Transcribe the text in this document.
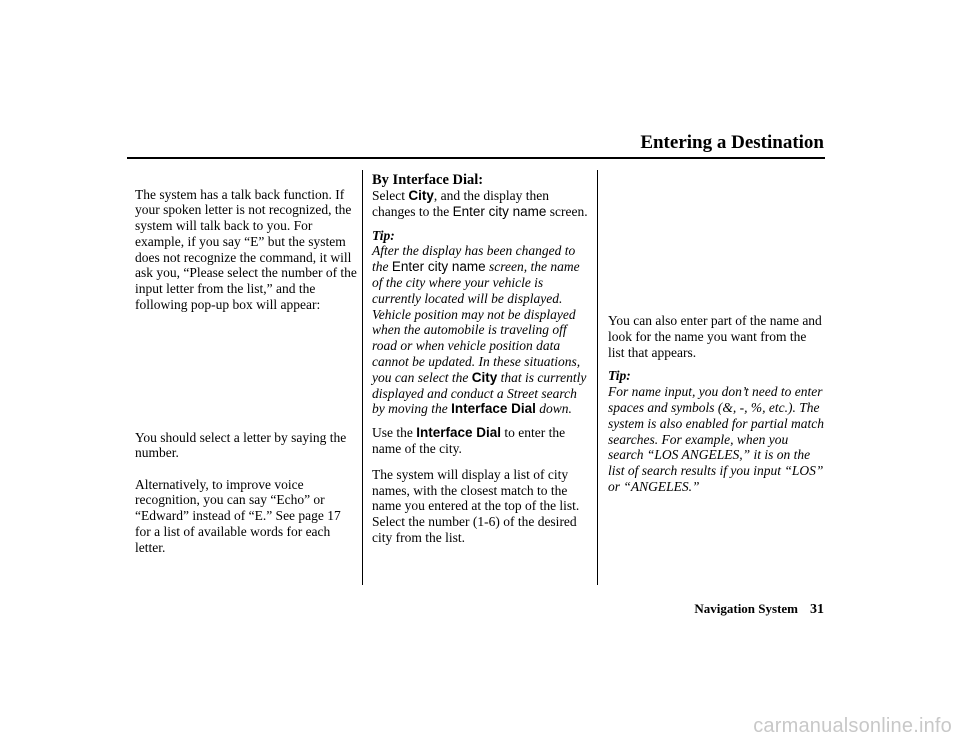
Entering a Destination

The system has a talk back function. If your spoken letter is not recognized, the system will talk back to you. For example, if you say “E” but the system does not recognize the command, it will ask you, “Please select the number of the input letter from the list,” and the following pop-up box will appear:

You should select a letter by saying the number.

Alternatively, to improve voice recognition, you can say “Echo” or “Edward” instead of “E.” See page 17 for a list of available words for each letter.

By Interface Dial:

Select City, and the display then changes to the Enter city name screen.

Tip:

After the display has been changed to the Enter city name screen, the name of the city where your vehicle is currently located will be displayed. Vehicle position may not be displayed when the automobile is traveling off road or when vehicle position data cannot be updated. In these situations, you can select the City that is currently displayed and conduct a Street search by moving the Interface Dial down.

Use the Interface Dial to enter the name of the city.

The system will display a list of city names, with the closest match to the name you entered at the top of the list. Select the number (1-6) of the desired city from the list.

You can also enter part of the name and look for the name you want from the list that appears.

Tip:

For name input, you don’t need to enter spaces and symbols (&, -, %, etc.). The system is also enabled for partial match searches. For example, when you search “LOS ANGELES,” it is on the list of search results if you input “LOS” or “ANGELES.”

Navigation System 31
carmanualsonline.info
